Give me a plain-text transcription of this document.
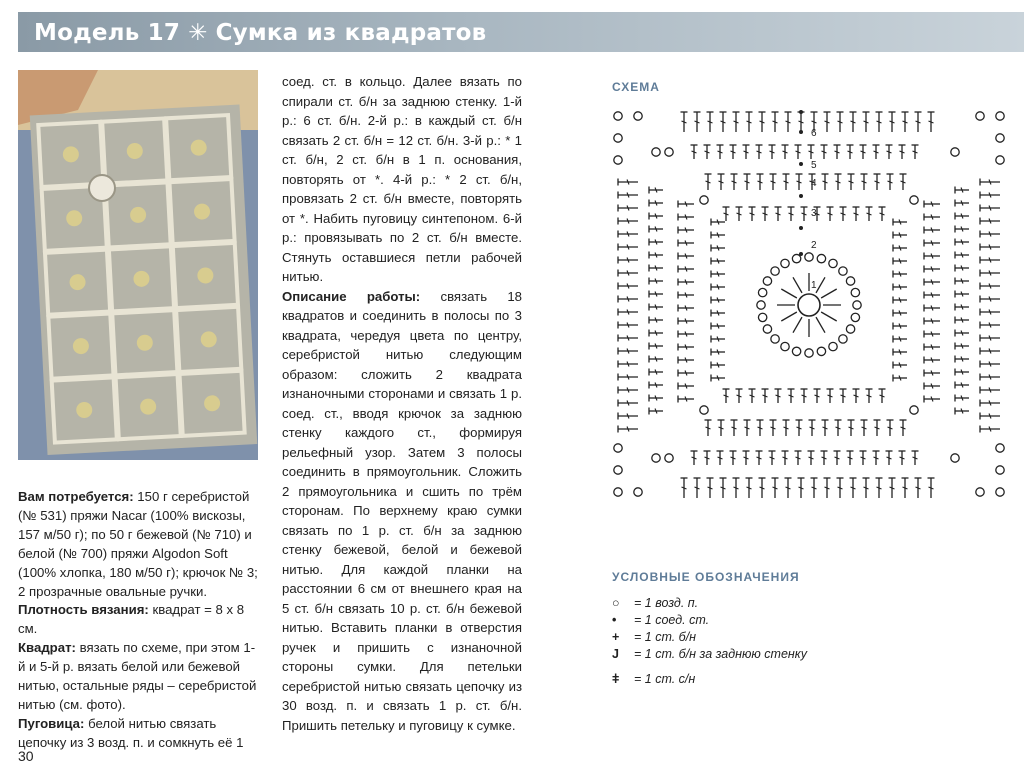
Модель 17 ✳ Сумка из квадратов

Вам потребуется: 150 г серебристой (№ 531) пряжи Nacar (100% вискозы, 157 м/50 г); по 50 г бежевой (№ 710) и белой (№ 700) пряжи Algodon Soft (100% хлопка, 180 м/50 г); крючок № 3; 2 прозрачные овальные ручки.

Плотность вязания: квадрат = 8 х 8 см.

Квадрат: вязать по схеме, при этом 1-й и 5-й р. вязать белой или бежевой нитью, остальные ряды – серебристой нитью (см. фото).

Пуговица: белой нитью связать цепочку из 3 возд. п. и сомкнуть её 1

соед. ст. в кольцо. Далее вязать по спирали ст. б/н за заднюю стенку. 1-й р.: 6 ст. б/н. 2-й р.: в каждый ст. б/н связать 2 ст. б/н = 12 ст. б/н. 3-й р.: * 1 ст. б/н, 2 ст. б/н в 1 п. основания, повторять от *. 4-й р.: * 2 ст. б/н, провязать 2 ст. б/н вместе, повторять от *. Набить пуговицу синтепоном. 6-й р.: провязывать по 2 ст. б/н вместе. Стянуть оставшиеся петли рабочей нитью.

Описание работы: связать 18 квадратов и соединить в полосы по 3 квадрата, чередуя цвета по центру, серебристой нитью следующим образом: сложить 2 квадрата изнаночными сторонами и связать 1 р. соед. ст., вводя крючок за заднюю стенку каждого ст., формируя рельефный узор. Затем 3 полосы соединить в прямоугольник. Сложить 2 прямоугольника и сшить по трём сторонам. По верхнему краю сумки связать по 1 р. ст. б/н за заднюю стенку бежевой, белой и бежевой нитью. Для каждой планки на расстоянии 6 см от внешнего края на 5 ст. б/н связать 10 р. ст. б/н бежевой нитью. Вставить планки в отверстия ручек и пришить с изнаночной стороны сумки. Для петельки серебристой нитью связать цепочку из 30 возд. п. и связать 1 р. ст. б/н. Пришить петельку и пуговицу к сумке.

СХЕМА
6
5
4
3
2
1
УСЛОВНЫЕ ОБОЗНАЧЕНИЯ
○	= 1 возд. п.
•	= 1 соед. ст.
+	= 1 ст. б/н
J	= 1 ст. б/н за заднюю стенку
ǂ	= 1 ст. с/н
30
